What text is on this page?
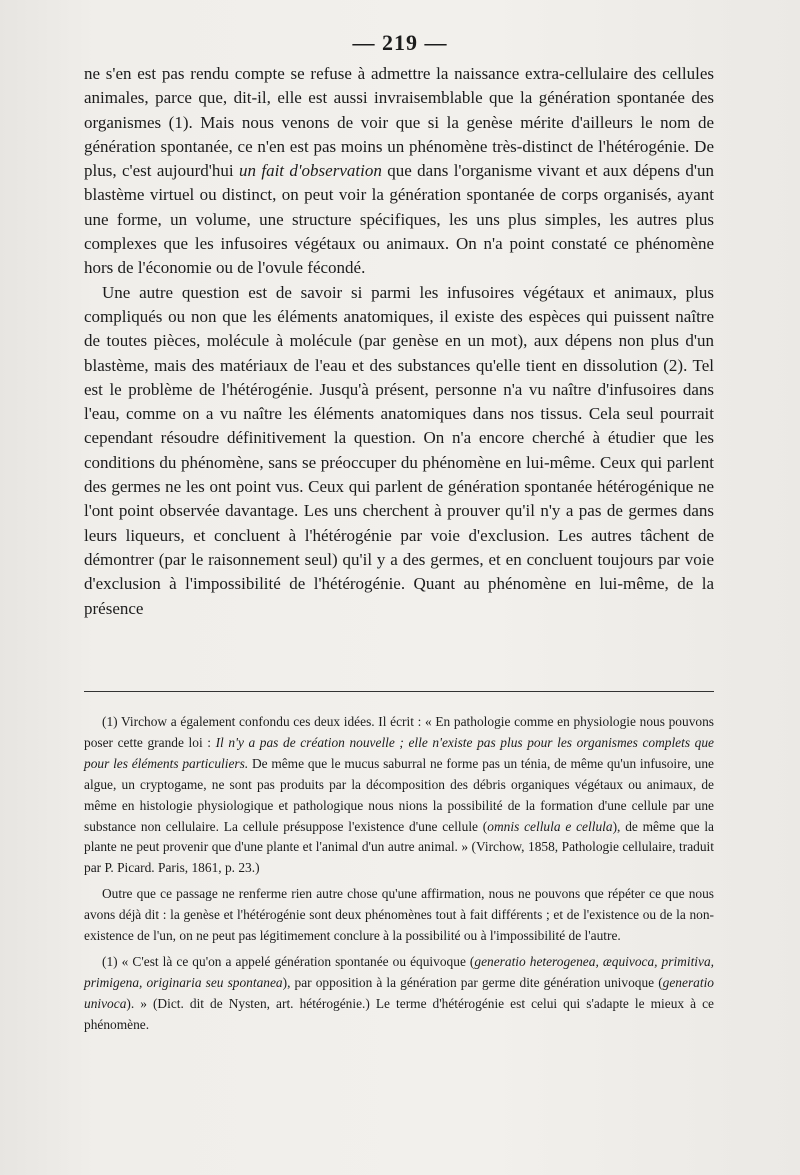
— 219 —

ne s'en est pas rendu compte se refuse à admettre la naissance extra-cellulaire des cellules animales, parce que, dit-il, elle est aussi invraisemblable que la génération spontanée des organismes (1). Mais nous venons de voir que si la genèse mérite d'ailleurs le nom de génération spontanée, ce n'en est pas moins un phénomène très-distinct de l'hétérogénie. De plus, c'est aujourd'hui un fait d'observation que dans l'organisme vivant et aux dépens d'un blastème virtuel ou distinct, on peut voir la génération spontanée de corps organisés, ayant une forme, un volume, une structure spécifiques, les uns plus simples, les autres plus complexes que les infusoires végétaux ou animaux. On n'a point constaté ce phénomène hors de l'économie ou de l'ovule fécondé.

Une autre question est de savoir si parmi les infusoires végétaux et animaux, plus compliqués ou non que les éléments anatomiques, il existe des espèces qui puissent naître de toutes pièces, molécule à molécule (par genèse en un mot), aux dépens non plus d'un blastème, mais des matériaux de l'eau et des substances qu'elle tient en dissolution (2). Tel est le problème de l'hétérogénie. Jusqu'à présent, personne n'a vu naître d'infusoires dans l'eau, comme on a vu naître les éléments anatomiques dans nos tissus. Cela seul pourrait cependant résoudre définitivement la question. On n'a encore cherché à étudier que les conditions du phénomène, sans se préoccuper du phénomène en lui-même. Ceux qui parlent des germes ne les ont point vus. Ceux qui parlent de génération spontanée hétérogénique ne l'ont point observée davantage. Les uns cherchent à prouver qu'il n'y a pas de germes dans leurs liqueurs, et concluent à l'hétérogénie par voie d'exclusion. Les autres tâchent de démontrer (par le raisonnement seul) qu'il y a des germes, et en concluent toujours par voie d'exclusion à l'impossibilité de l'hétérogénie. Quant au phénomène en lui-même, de la présence

(1) Virchow a également confondu ces deux idées. Il écrit : « En pathologie comme en physiologie nous pouvons poser cette grande loi : Il n'y a pas de création nouvelle ; elle n'existe pas plus pour les organismes complets que pour les éléments particuliers. De même que le mucus saburral ne forme pas un ténia, de même qu'un infusoire, une algue, un cryptogame, ne sont pas produits par la décomposition des débris organiques végétaux ou animaux, de même en histologie physiologique et pathologique nous nions la possibilité de la formation d'une cellule par une substance non cellulaire. La cellule présuppose l'existence d'une cellule (omnis cellula e cellula), de même que la plante ne peut provenir que d'une plante et l'animal d'un autre animal. » (Virchow, 1858, Pathologie cellulaire, traduit par P. Picard. Paris, 1861, p. 23.)

Outre que ce passage ne renferme rien autre chose qu'une affirmation, nous ne pouvons que répéter ce que nous avons déjà dit : la genèse et l'hétérogénie sont deux phénomènes tout à fait différents ; et de l'existence ou de la non-existence de l'un, on ne peut pas légitimement conclure à la possibilité ou à l'impossibilité de l'autre.

(1) « C'est là ce qu'on a appelé génération spontanée ou équivoque (generatio heterogenea, æquivoca, primitiva, primigena, originaria seu spontanea), par opposition à la génération par germe dite génération univoque (generatio univoca). » (Dict. dit de Nysten, art. hétérogénie.) Le terme d'hétérogénie est celui qui s'adapte le mieux à ce phénomène.
